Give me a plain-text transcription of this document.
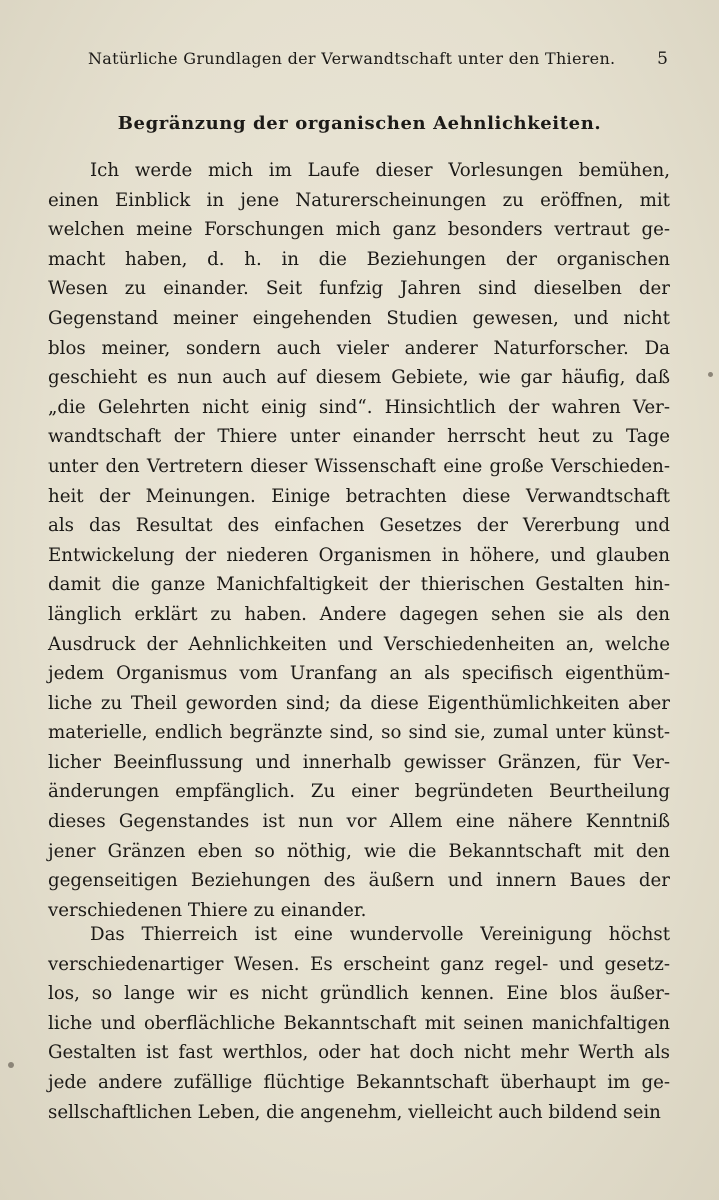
Natürliche Grundlagen der Verwandtschaft unter den Thieren. 5
Begränzung der organischen Aehnlichkeiten.
Ich werde mich im Laufe dieser Vorlesungen bemühen,
einen Einblick in jene Naturerscheinungen zu eröffnen, mit
welchen meine Forschungen mich ganz besonders vertraut ge-
macht haben, d. h. in die Beziehungen der organischen
Wesen zu einander. Seit funfzig Jahren sind dieselben der
Gegenstand meiner eingehenden Studien gewesen, und nicht
blos meiner, sondern auch vieler anderer Naturforscher. Da
geschieht es nun auch auf diesem Gebiete, wie gar häufig, daß
„die Gelehrten nicht einig sind“. Hinsichtlich der wahren Ver-
wandtschaft der Thiere unter einander herrscht heut zu Tage
unter den Vertretern dieser Wissenschaft eine große Verschieden-
heit der Meinungen. Einige betrachten diese Verwandtschaft
als das Resultat des einfachen Gesetzes der Vererbung und
Entwickelung der niederen Organismen in höhere, und glauben
damit die ganze Manichfaltigkeit der thierischen Gestalten hin-
länglich erklärt zu haben. Andere dagegen sehen sie als den
Ausdruck der Aehnlichkeiten und Verschiedenheiten an, welche
jedem Organismus vom Uranfang an als specifisch eigenthüm-
liche zu Theil geworden sind; da diese Eigenthümlichkeiten aber
materielle, endlich begränzte sind, so sind sie, zumal unter künst-
licher Beeinflussung und innerhalb gewisser Gränzen, für Ver-
änderungen empfänglich. Zu einer begründeten Beurtheilung
dieses Gegenstandes ist nun vor Allem eine nähere Kenntniß
jener Gränzen eben so nöthig, wie die Bekanntschaft mit den
gegenseitigen Beziehungen des äußern und innern Baues der
verschiedenen Thiere zu einander.
Das Thierreich ist eine wundervolle Vereinigung höchst
verschiedenartiger Wesen. Es erscheint ganz regel- und gesetz-
los, so lange wir es nicht gründlich kennen. Eine blos äußer-
liche und oberflächliche Bekanntschaft mit seinen manichfaltigen
Gestalten ist fast werthlos, oder hat doch nicht mehr Werth als
jede andere zufällige flüchtige Bekanntschaft überhaupt im ge-
sellschaftlichen Leben, die angenehm, vielleicht auch bildend sein
